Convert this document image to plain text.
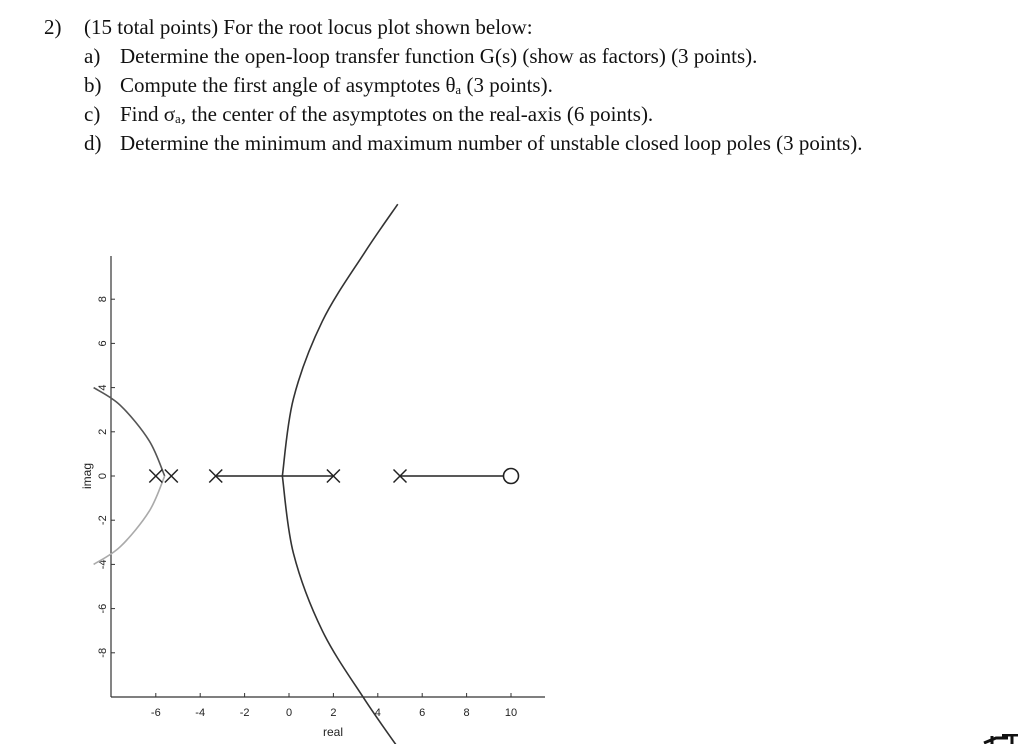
2)	(15 total points) For the root locus plot shown below:
a) Determine the open-loop transfer function G(s) (show as factors) (3 points).
b) Compute the first angle of asymptotes θₐ (3 points).
c) Find σₐ, the center of the asymptotes on the real-axis (6 points).
d) Determine the minimum and maximum number of unstable closed loop poles (3 points).
-6	-4	-2	0	2	4	6	8	10
8
6
4
2
0
-2
-4
-6
-8
real
imag
